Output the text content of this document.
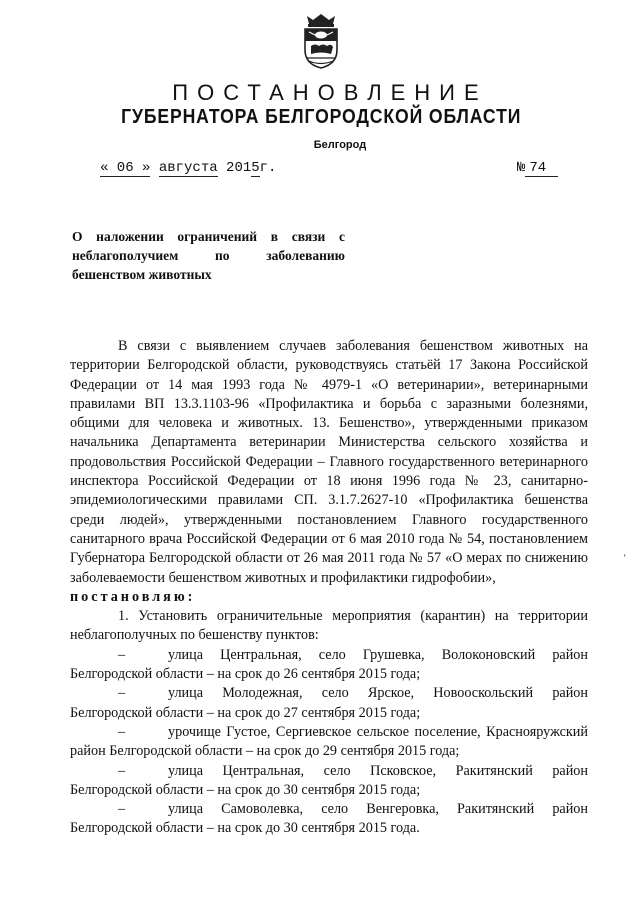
ПОСТАНОВЛЕНИЕ
ГУБЕРНАТОРА БЕЛГОРОДСКОЙ ОБЛАСТИ
Белгород
« 06 » августа 2015г.	№ 74
О наложении ограничений в связи с неблагополучием по заболеванию бешенством животных

В связи с выявлением случаев заболевания бешенством животных на территории Белгородской области, руководствуясь статьёй 17 Закона Российской Федерации от 14 мая 1993 года № 4979-1 «О ветеринарии», ветеринарными правилами ВП 13.3.1103-96 «Профилактика и борьба с заразными болезнями, общими для человека и животных. 13. Бешенство», утвержденными приказом начальника Департамента ветеринарии Министерства сельского хозяйства и продовольствия Российской Федерации – Главного государственного ветеринарного инспектора Российской Федерации от 18 июня 1996 года № 23, санитарно-эпидемиологическими правилами СП. 3.1.7.2627-10 «Профилактика бешенства среди людей», утвержденными постановлением Главного государственного санитарного врача Российской Федерации от 6 мая 2010 года № 54, постановлением Губернатора Белгородской области от 26 мая 2011 года № 57 «О мерах по снижению заболеваемости бешенством животных и профилактики гидрофобии»,

постановляю:

1. Установить ограничительные мероприятия (карантин) на территории неблагополучных по бешенству пунктов:

–	улица Центральная, село Грушевка, Волоконовский район Белгородской области – на срок до 26 сентября 2015 года;

–	улица Молодежная, село Ярское, Новооскольский район Белгородской области – на срок до 27 сентября 2015 года;

–	урочище Густое, Сергиевское сельское поселение, Краснояружский район Белгородской области – на срок до 29 сентября 2015 года;

–	улица Центральная, село Псковское, Ракитянский район Белгородской области – на срок до 30 сентября 2015 года;

–	улица Самоволевка, село Венгеровка, Ракитянский район Белгородской области – на срок до 30 сентября 2015 года.

ʻ
